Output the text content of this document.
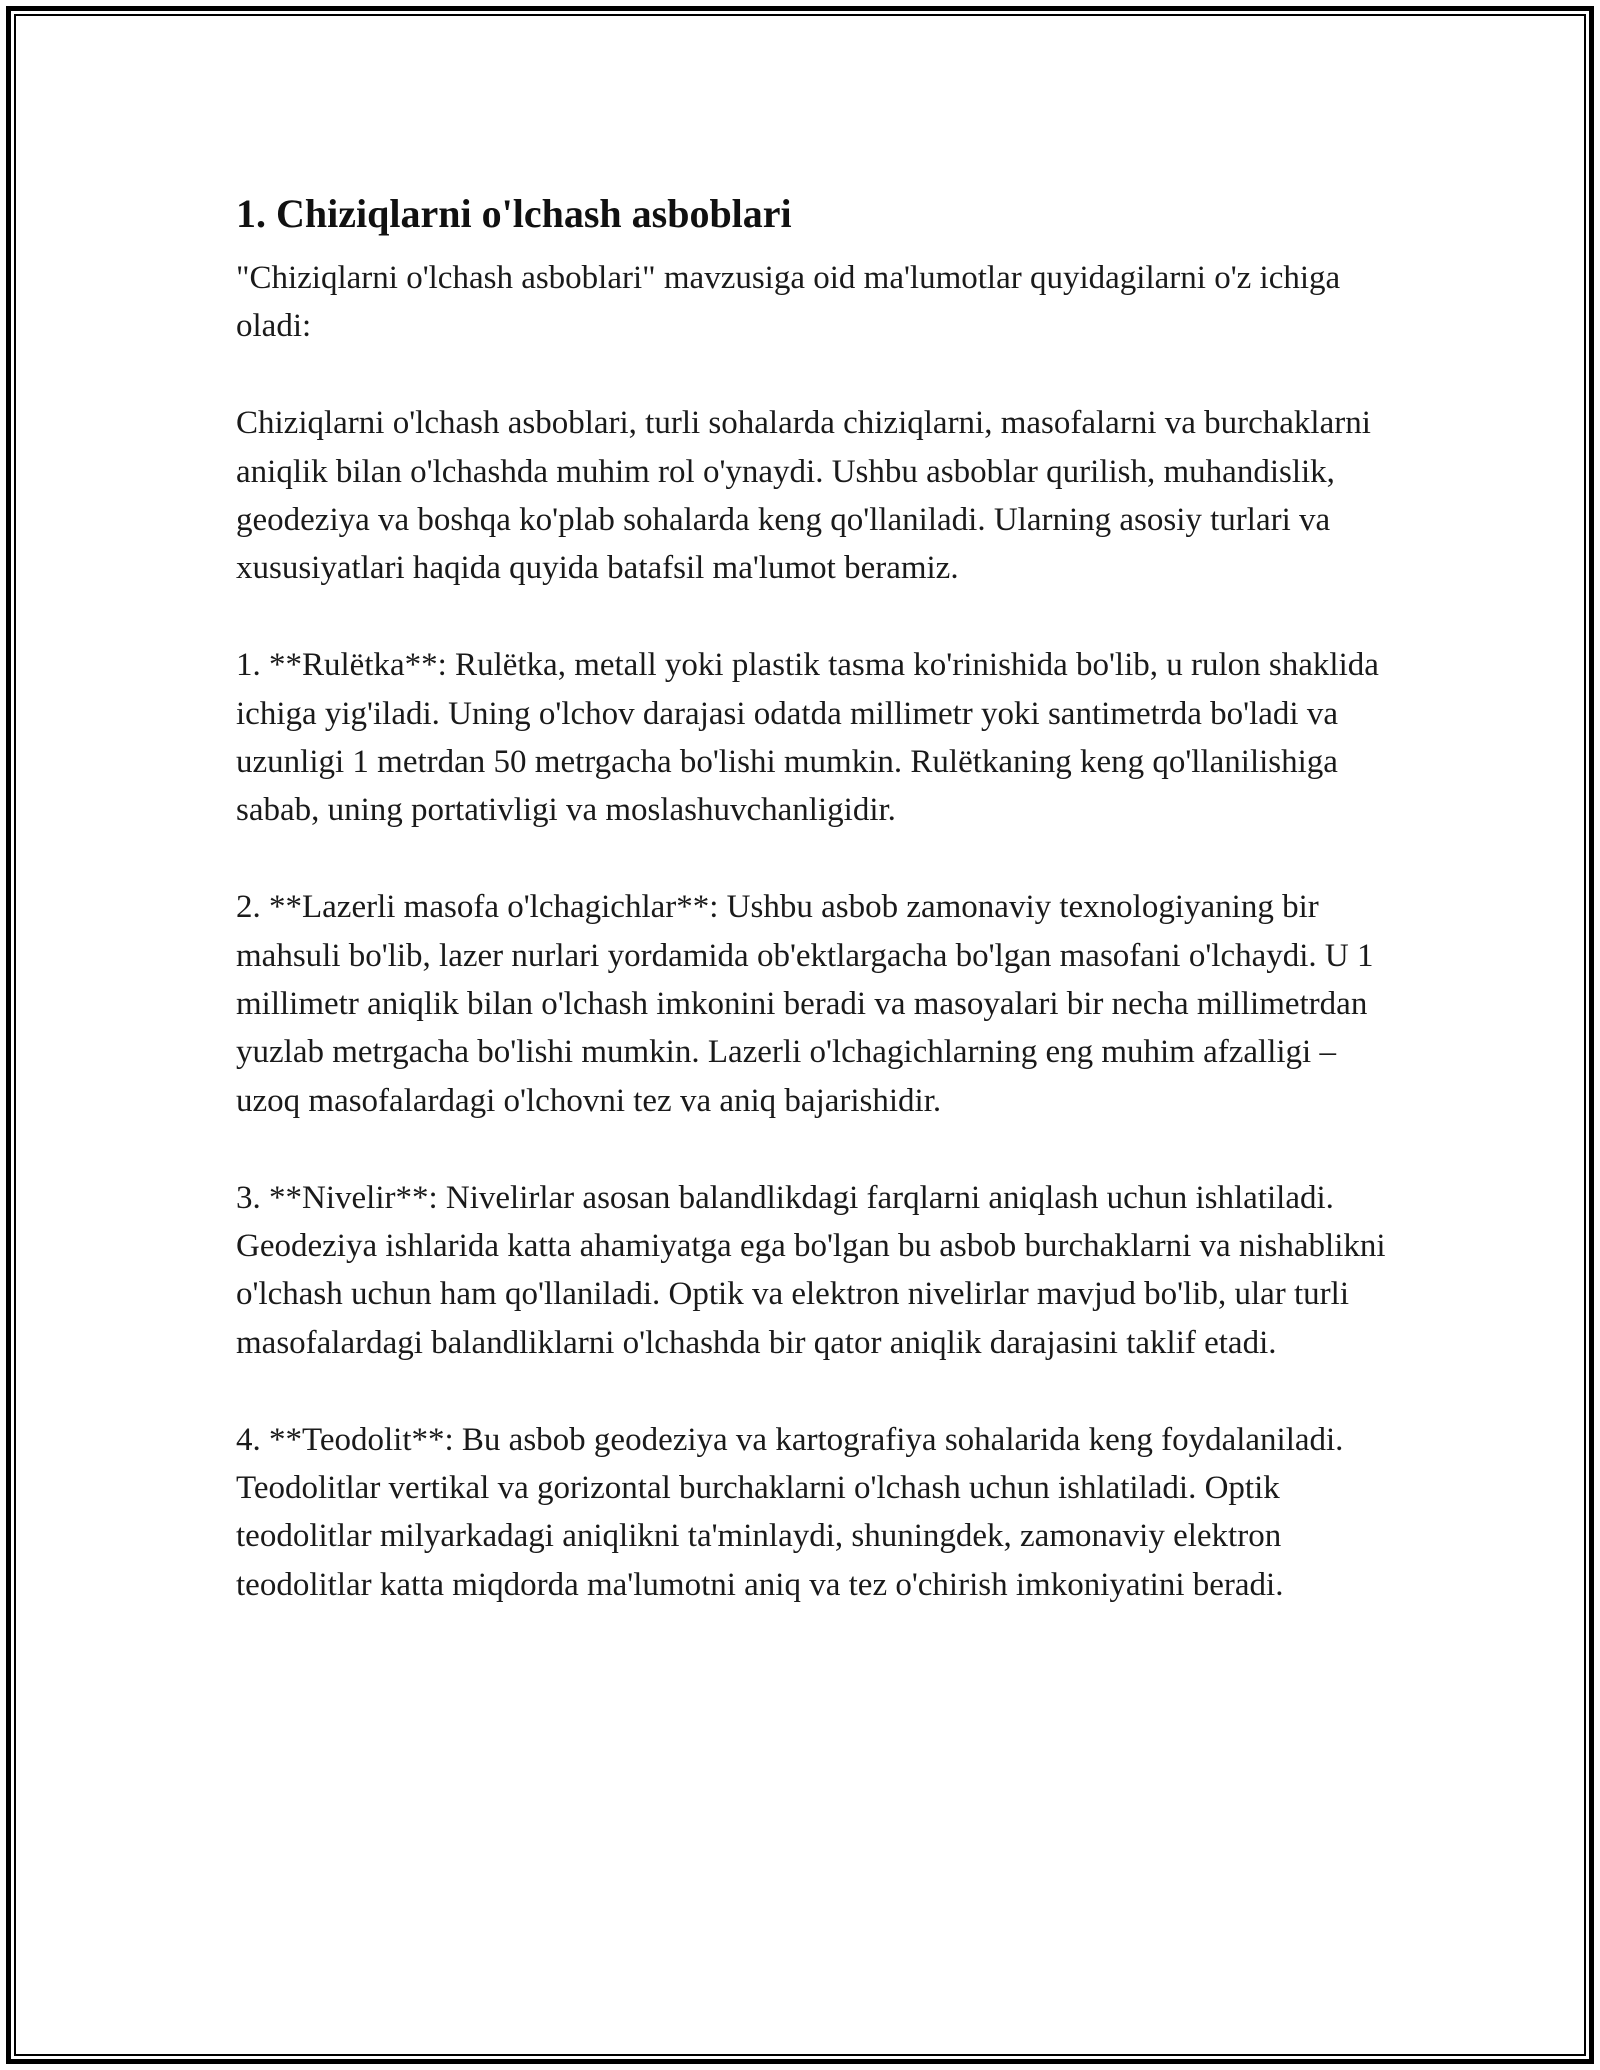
1. Chiziqlarni o'lchash asboblari

"Chiziqlarni o'lchash asboblari" mavzusiga oid ma'lumotlar quyidagilarni o'z ichiga oladi:

Chiziqlarni o'lchash asboblari, turli sohalarda chiziqlarni, masofalarni va burchaklarni aniqlik bilan o'lchashda muhim rol o'ynaydi. Ushbu asboblar qurilish, muhandislik, geodeziya va boshqa ko'plab sohalarda keng qo'llaniladi. Ularning asosiy turlari va xususiyatlari haqida quyida batafsil ma'lumot beramiz.

1. **Rulëtka**: Rulëtka, metall yoki plastik tasma ko'rinishida bo'lib, u rulon shaklida ichiga yig'iladi. Uning o'lchov darajasi odatda millimetr yoki santimetrda bo'ladi va uzunligi 1 metrdan 50 metrgacha bo'lishi mumkin. Rulëtkaning keng qo'llanilishiga sabab, uning portativligi va moslashuvchanligidir.

2. **Lazerli masofa o'lchagichlar**: Ushbu asbob zamonaviy texnologiyaning bir mahsuli bo'lib, lazer nurlari yordamida ob'ektlargacha bo'lgan masofani o'lchaydi. U 1 millimetr aniqlik bilan o'lchash imkonini beradi va masoyalari bir necha millimetrdan yuzlab metrgacha bo'lishi mumkin. Lazerli o'lchagichlarning eng muhim afzalligi – uzoq masofalardagi o'lchovni tez va aniq bajarishidir.

3. **Nivelir**: Nivelirlar asosan balandlikdagi farqlarni aniqlash uchun ishlatiladi. Geodeziya ishlarida katta ahamiyatga ega bo'lgan bu asbob burchaklarni va nishablikni o'lchash uchun ham qo'llaniladi. Optik va elektron nivelirlar mavjud bo'lib, ular turli masofalardagi balandliklarni o'lchashda bir qator aniqlik darajasini taklif etadi.

4. **Teodolit**: Bu asbob geodeziya va kartografiya sohalarida keng foydalaniladi. Teodolitlar vertikal va gorizontal burchaklarni o'lchash uchun ishlatiladi. Optik teodolitlar milyarkadagi aniqlikni ta'minlaydi, shuningdek, zamonaviy elektron teodolitlar katta miqdorda ma'lumotni aniq va tez o'chirish imkoniyatini beradi.
